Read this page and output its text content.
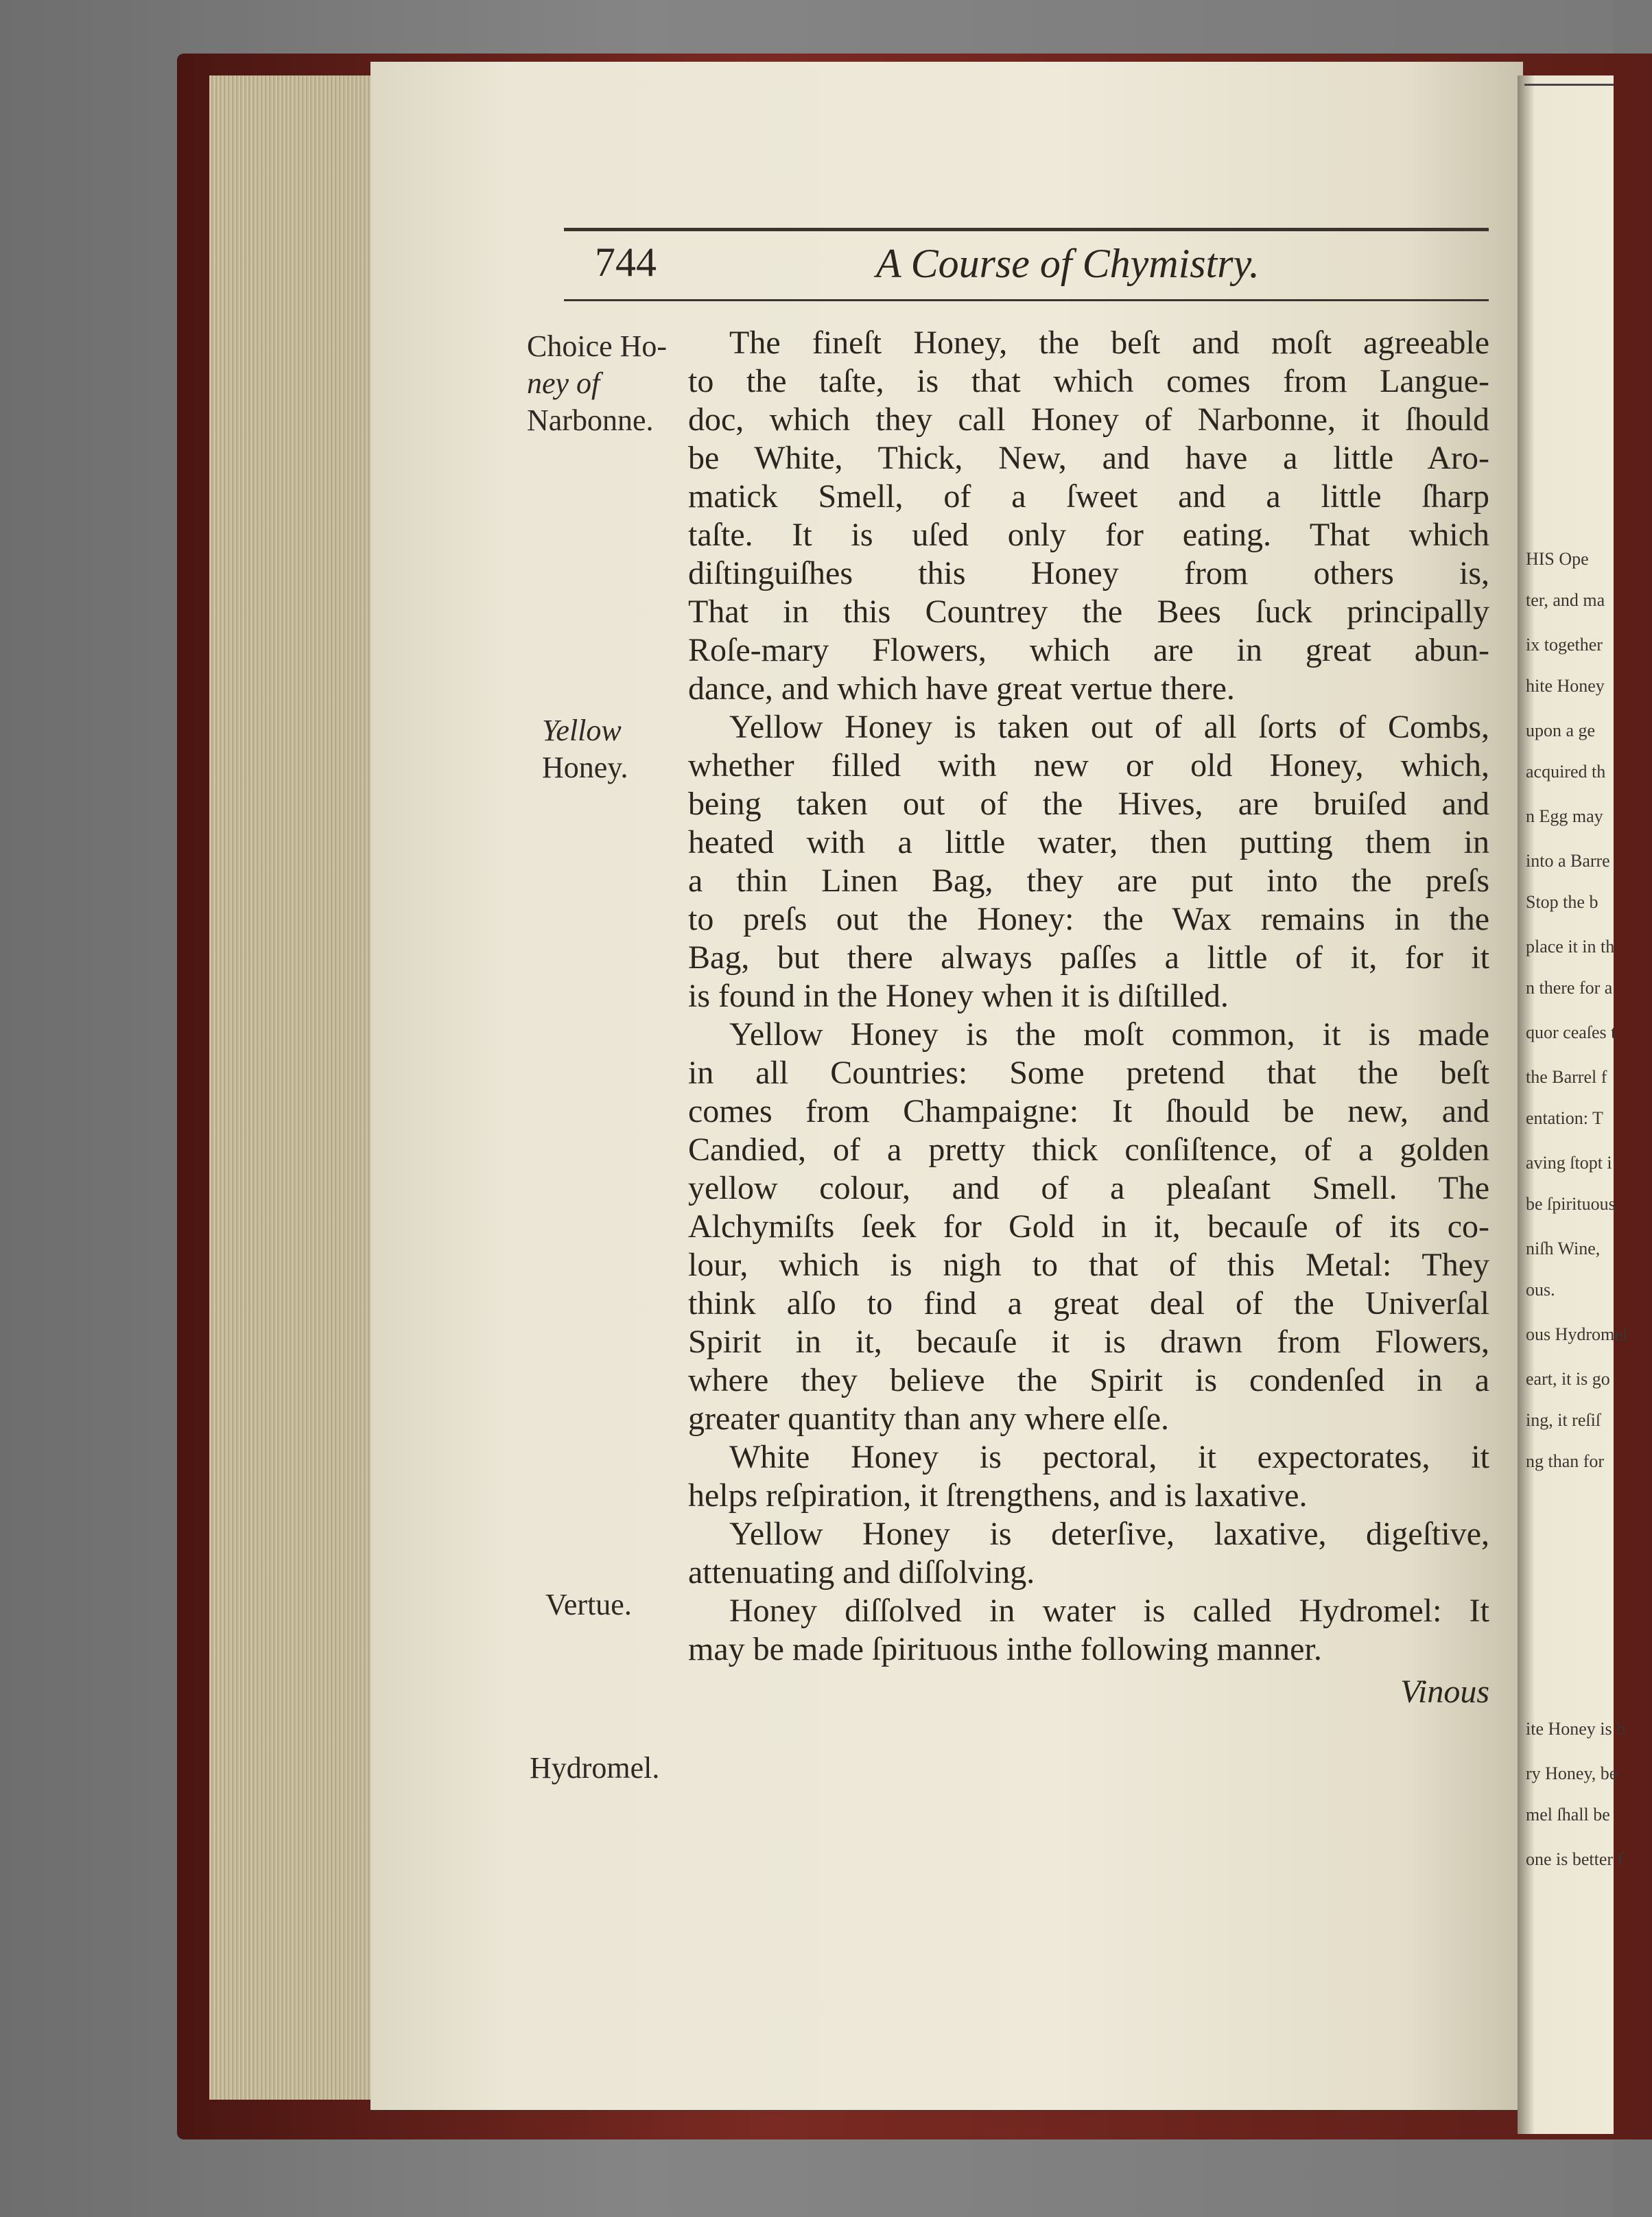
HIS Ope
ter, and ma
ix together
hite Honey
upon a ge
acquired th
n Egg may
into a Barre
Stop the b
place it in th
n there for a
quor ceaſes t
the Barrel f
entation: T
aving ſtopt i
be ſpirituous
niſh Wine,
ous.
ous Hydromel
eart, it is go
ing, it reſiſ
ng than for
ite Honey is b
ry Honey, be
mel ſhall be
one is better f
744	A Course of Chymistry.
Choice Ho-
ney of
Narbonne.
Yellow
Honey.
Vertue.
Hydromel.
The fineſt Honey, the beſt and moſt agreeable
to the taſte, is that which comes from Langue-
doc, which they call Honey of Narbonne, it ſhould
be White, Thick, New, and have a little Aro-
matick Smell, of a ſweet and a little ſharp
taſte. It is uſed only for eating. That which
diſtinguiſhes this Honey from others is,
That in this Countrey the Bees ſuck principally
Roſe-mary Flowers, which are in great abun-
dance, and which have great vertue there.
Yellow Honey is taken out of all ſorts of Combs,
whether filled with new or old Honey, which,
being taken out of the Hives, are bruiſed and
heated with a little water, then putting them in
a thin Linen Bag, they are put into the preſs
to preſs out the Honey: the Wax remains in the
Bag, but there always paſſes a little of it, for it
is found in the Honey when it is diſtilled.
Yellow Honey is the moſt common, it is made
in all Countries: Some pretend that the beſt
comes from Champaigne: It ſhould be new, and
Candied, of a pretty thick conſiſtence, of a golden
yellow colour, and of a pleaſant Smell. The
Alchymiſts ſeek for Gold in it, becauſe of its co-
lour, which is nigh to that of this Metal: They
think alſo to find a great deal of the Univerſal
Spirit in it, becauſe it is drawn from Flowers,
where they believe the Spirit is condenſed in a
greater quantity than any where elſe.
White Honey is pectoral, it expectorates, it
helps reſpiration, it ſtrengthens, and is laxative.
Yellow Honey is deterſive, laxative, digeſtive,
attenuating and diſſolving.
Honey diſſolved in water is called Hydromel: It
may be made ſpirituous inthe following manner.
Vinous
